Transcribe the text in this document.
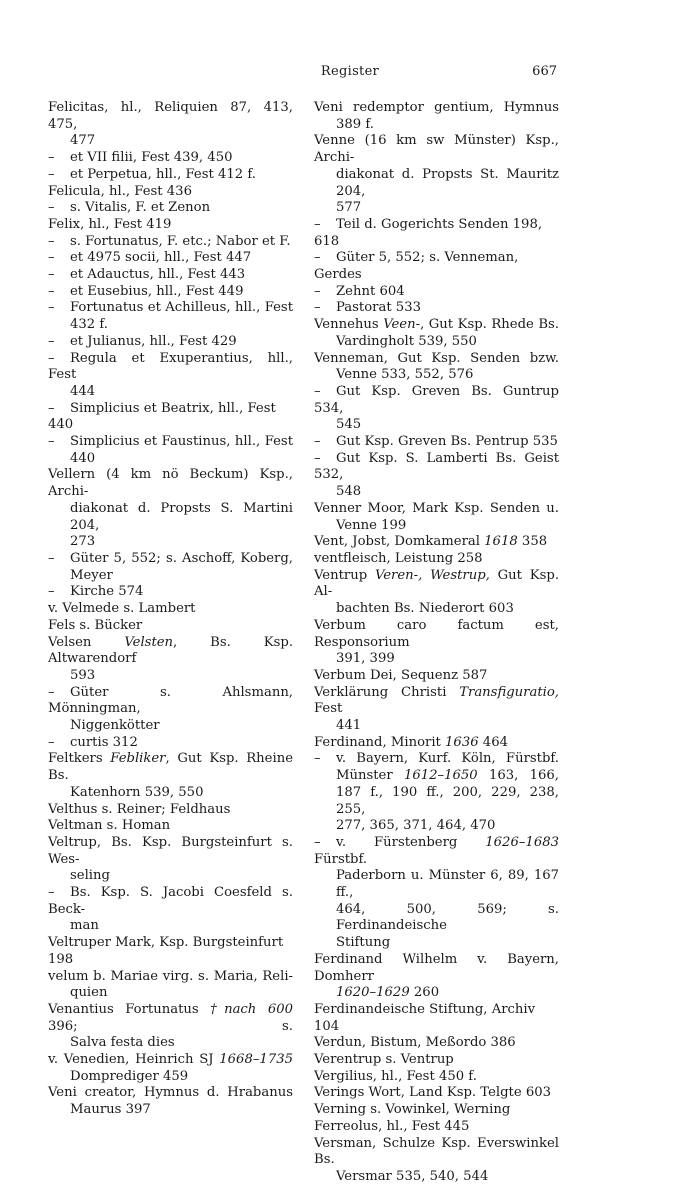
Register	667
Felicitas, hl., Reliquien 87, 413, 475,
477
– et VII filii, Fest 439, 450
– et Perpetua, hll., Fest 412 f.
Felicula, hl., Fest 436
– s. Vitalis, F. et Zenon
Felix, hl., Fest 419
– s. Fortunatus, F. etc.; Nabor et F.
– et 4975 socii, hll., Fest 447
– et Adauctus, hll., Fest 443
– et Eusebius, hll., Fest 449
– Fortunatus et Achilleus, hll., Fest
432 f.
– et Julianus, hll., Fest 429
– Regula et Exuperantius, hll., Fest
444
– Simplicius et Beatrix, hll., Fest 440
– Simplicius et Faustinus, hll., Fest
440
Vellern (4 km nö Beckum) Ksp., Archi-
diakonat d. Propsts S. Martini 204,
273
– Güter 5, 552; s. Aschoff, Koberg,
Meyer
– Kirche 574
v. Velmede s. Lambert
Fels s. Bücker
Velsen Velsten, Bs. Ksp. Altwarendorf
593
– Güter s. Ahlsmann, Mönningman,
Niggenkötter
– curtis 312
Feltkers Febliker, Gut Ksp. Rheine Bs.
Katenhorn 539, 550
Velthus s. Reiner; Feldhaus
Veltman s. Homan
Veltrup, Bs. Ksp. Burgsteinfurt s. Wes-
seling
– Bs. Ksp. S. Jacobi Coesfeld s. Beck-
man
Veltruper Mark, Ksp. Burgsteinfurt 198
velum b. Mariae virg. s. Maria, Reli-
quien
Venantius Fortunatus †nach 600 396; s.
Salva festa dies
v. Venedien, Heinrich SJ 1668–1735
Domprediger 459
Veni creator, Hymnus d. Hrabanus
Maurus 397
Veni redemptor gentium, Hymnus
389 f.
Venne (16 km sw Münster) Ksp., Archi-
diakonat d. Propsts St. Mauritz 204,
577
– Teil d. Gogerichts Senden 198, 618
– Güter 5, 552; s. Venneman, Gerdes
– Zehnt 604
– Pastorat 533
Vennehus Veen-, Gut Ksp. Rhede Bs.
Vardingholt 539, 550
Venneman, Gut Ksp. Senden bzw.
Venne 533, 552, 576
– Gut Ksp. Greven Bs. Guntrup 534,
545
– Gut Ksp. Greven Bs. Pentrup 535
– Gut Ksp. S. Lamberti Bs. Geist 532,
548
Venner Moor, Mark Ksp. Senden u.
Venne 199
Vent, Jobst, Domkameral 1618 358
ventfleisch, Leistung 258
Ventrup Veren-, Westrup, Gut Ksp. Al-
bachten Bs. Niederort 603
Verbum caro factum est, Responsorium
391, 399
Verbum Dei, Sequenz 587
Verklärung Christi Transfiguratio, Fest
441
Ferdinand, Minorit 1636 464
– v. Bayern, Kurf. Köln, Fürstbf.
Münster 1612–1650 163, 166,
187 f., 190 ff., 200, 229, 238, 255,
277, 365, 371, 464, 470
– v. Fürstenberg 1626–1683 Fürstbf.
Paderborn u. Münster 6, 89, 167 ff.,
464, 500, 569; s. Ferdinandeische
Stiftung
Ferdinand Wilhelm v. Bayern, Domherr
1620–1629 260
Ferdinandeische Stiftung, Archiv 104
Verdun, Bistum, Meßordo 386
Verentrup s. Ventrup
Vergilius, hl., Fest 450 f.
Verings Wort, Land Ksp. Telgte 603
Verning s. Vowinkel, Werning
Ferreolus, hl., Fest 445
Versman, Schulze Ksp. Everswinkel Bs.
Versmar 535, 540, 544
